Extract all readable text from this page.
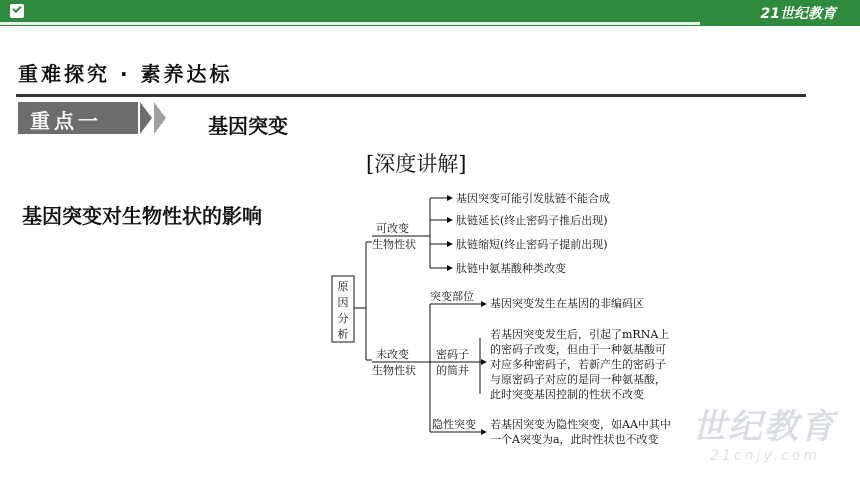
21世纪教育
重难探究 · 素养达标
重点一	基因突变
[深度讲解]
基因突变对生物性状的影响
原
因
分
析
可改变
生物性状
基因突变可能引发肽链不能合成
肽链延长(终止密码子推后出现)
肽链缩短(终止密码子提前出现)
肽链中氨基酸种类改变
未改变
生物性状
突变部位
基因突变发生在基因的非编码区
密码子
的简并
若基因突变发生后，引起了mRNA上
的密码子改变，但由于一种氨基酸可
对应多种密码子，若新产生的密码子
与原密码子对应的是同一种氨基酸，
此时突变基因控制的性状不改变
隐性突变 若基因突变为隐性突变，如AA中其中
一个A突变为a，此时性状也不改变 世纪教育
21cnjy.com
